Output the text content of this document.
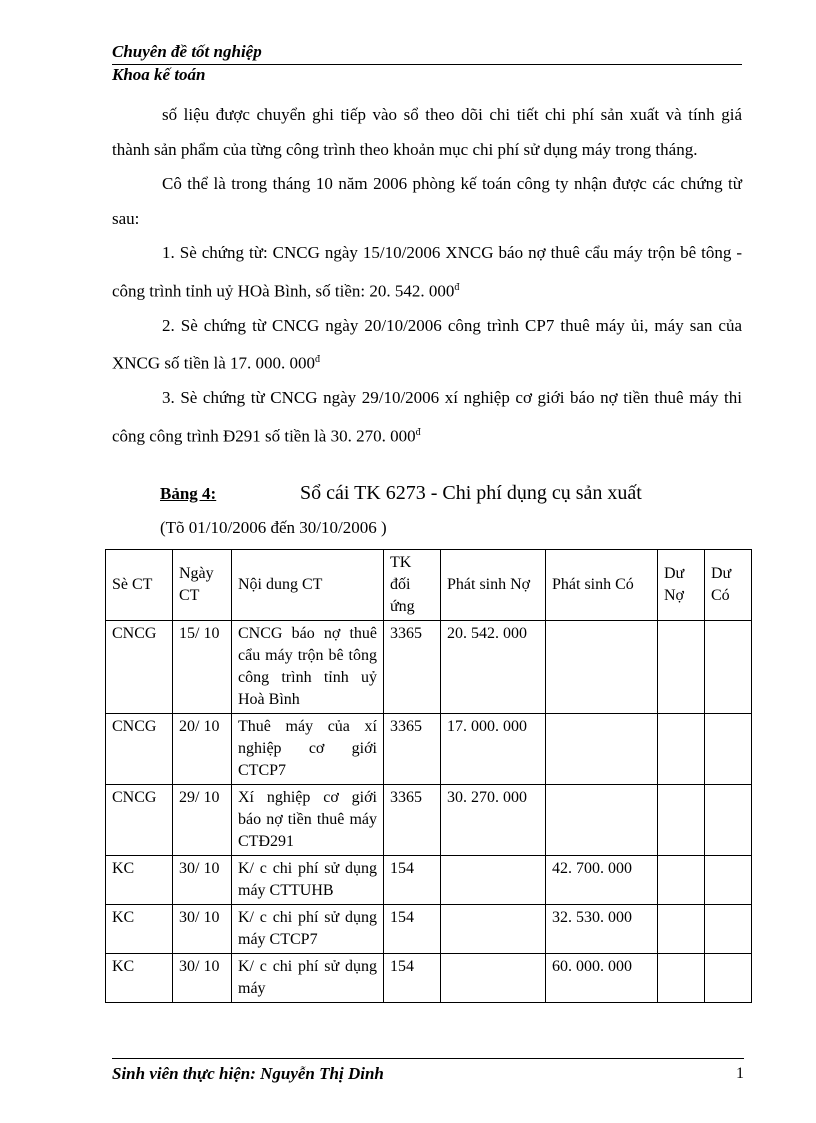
Chuyên đề tốt nghiệp
Khoa kế toán

số liệu được chuyển ghi tiếp vào sổ theo dõi chi tiết chi phí sản xuất và tính giá thành sản phẩm của từng công trình theo khoản mục chi phí sử dụng máy trong tháng.

Cô thể là trong tháng 10 năm 2006 phòng kế toán công ty nhận được các chứng từ sau:

1. Sè chứng từ: CNCG ngày 15/10/2006 XNCG báo nợ thuê cẩu máy trộn bê tông - công trình tỉnh uỷ HOà Bình, số tiền: 20. 542. $000^đ$

2. Sè chứng từ CNCG ngày 20/10/2006 công trình CP7 thuê máy ủi, máy san của XNCG số tiền là 17. 000. $000^đ$

3. Sè chứng từ CNCG ngày 29/10/2006 xí nghiệp cơ giới báo nợ tiền thuê máy thi công công trình Đ291 số tiền là 30. 270. $000^đ$

Bảng 4:	Sổ cái TK 6273 - Chi phí dụng cụ sản xuất
(Tõ 01/10/2006 đến 30/10/2006 )
Sè CT	Ngày CT	Nội dung CT	TK đối ứng	Phát sinh Nợ	Phát sinh Có	Dư Nợ	Dư Có
CNCG	15/ 10	CNCG báo nợ thuê cẩu máy trộn bê tông công trình tỉnh uỷ Hoà Bình	3365	20. 542. 000			
CNCG	20/ 10	Thuê máy của xí nghiệp cơ giới CTCP7	3365	17. 000. 000			
CNCG	29/ 10	Xí nghiệp cơ giới báo nợ tiền thuê máy CTĐ291	3365	30. 270. 000			
KC	30/ 10	K/ c chi phí sử dụng máy CTTUHB	154		42. 700. 000		
KC	30/ 10	K/ c chi phí sử dụng máy CTCP7	154		32. 530. 000		
KC	30/ 10	K/ c chi phí sử dụng máy	154		60. 000. 000		
Sinh viên thực hiện: Nguyễn Thị Dinh	1
